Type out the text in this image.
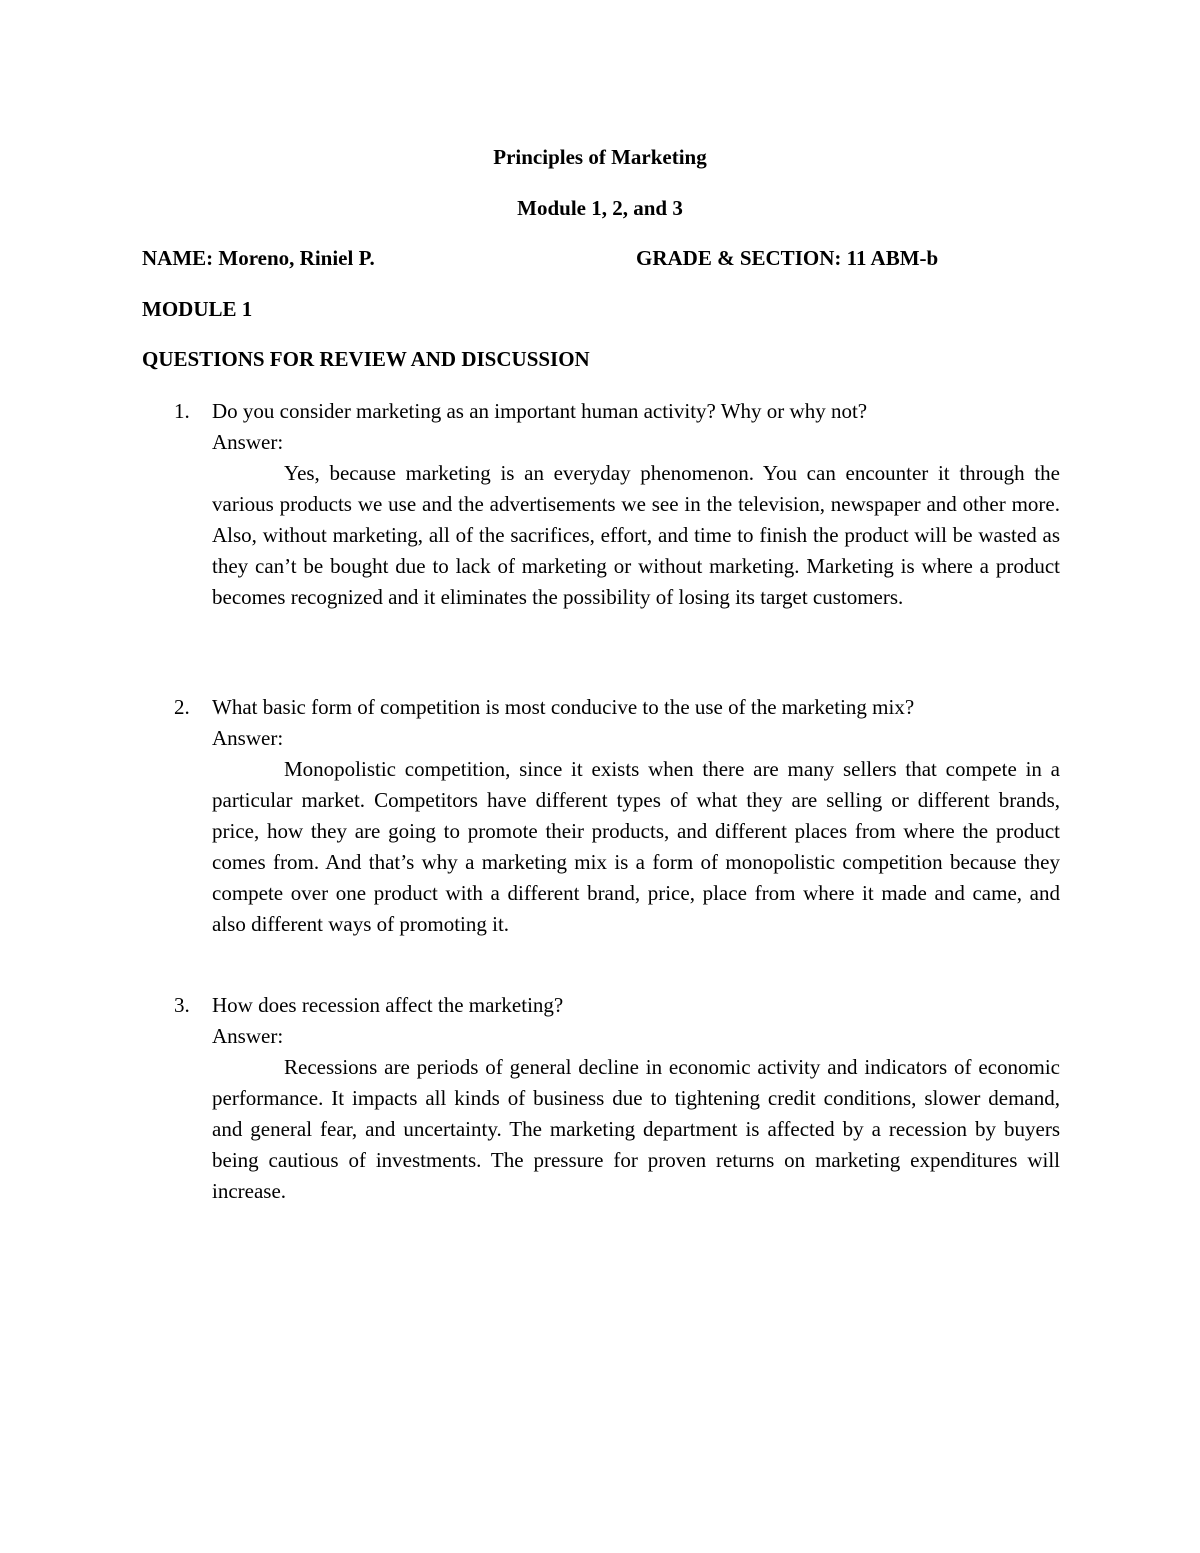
Principles of Marketing
Module 1, 2, and 3
NAME: Moreno, Riniel P.	GRADE & SECTION: 11 ABM-b
MODULE 1
QUESTIONS FOR REVIEW AND DISCUSSION
1. Do you consider marketing as an important human activity? Why or why not?
Answer:
Yes, because marketing is an everyday phenomenon. You can encounter it through the various products we use and the advertisements we see in the television, newspaper and other more. Also, without marketing, all of the sacrifices, effort, and time to finish the product will be wasted as they can’t be bought due to lack of marketing or without marketing. Marketing is where a product becomes recognized and it eliminates the possibility of losing its target customers.
2. What basic form of competition is most conducive to the use of the marketing mix?
Answer:
Monopolistic competition, since it exists when there are many sellers that compete in a particular market. Competitors have different types of what they are selling or different brands, price, how they are going to promote their products, and different places from where the product comes from. And that’s why a marketing mix is a form of monopolistic competition because they compete over one product with a different brand, price, place from where it made and came, and also different ways of promoting it.
3. How does recession affect the marketing?
Answer:
Recessions are periods of general decline in economic activity and indicators of economic performance. It impacts all kinds of business due to tightening credit conditions, slower demand, and general fear, and uncertainty. The marketing department is affected by a recession by buyers being cautious of investments. The pressure for proven returns on marketing expenditures will increase.
